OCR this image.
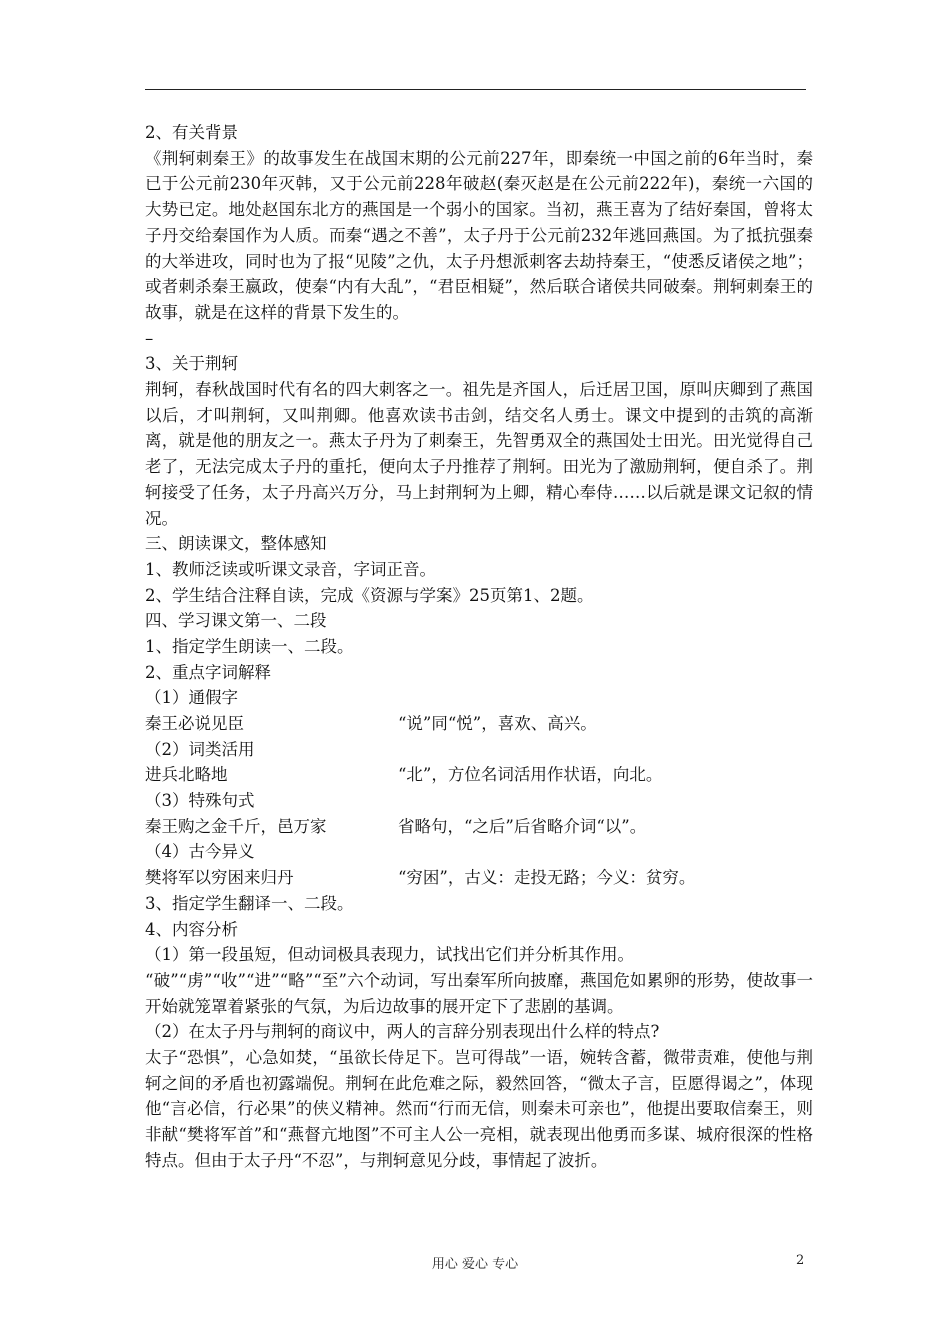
2、有关背景
《荆轲刺秦王》的故事发生在战国末期的公元前227年，即秦统一中国之前的6年当时，秦已于公元前230年灭韩，又于公元前228年破赵(秦灭赵是在公元前222年)，秦统一六国的大势已定。地处赵国东北方的燕国是一个弱小的国家。当初，燕王喜为了结好秦国，曾将太子丹交给秦国作为人质。而秦“遇之不善”，太子丹于公元前232年逃回燕国。为了抵抗强秦的大举进攻，同时也为了报“见陵”之仇，太子丹想派刺客去劫持秦王，“使悉反诸侯之地”；或者刺杀秦王嬴政，使秦“内有大乱”，“君臣相疑”，然后联合诸侯共同破秦。荆轲刺秦王的故事，就是在这样的背景下发生的。
–
3、关于荆轲
荆轲，春秋战国时代有名的四大刺客之一。祖先是齐国人，后迁居卫国，原叫庆卿到了燕国以后，才叫荆轲，又叫荆卿。他喜欢读书击剑，结交名人勇士。课文中提到的击筑的高渐离，就是他的朋友之一。燕太子丹为了刺秦王，先智勇双全的燕国处士田光。田光觉得自己老了，无法完成太子丹的重托，便向太子丹推荐了荆轲。田光为了激励荆轲，便自杀了。荆轲接受了任务，太子丹高兴万分，马上封荆轲为上卿，精心奉侍……以后就是课文记叙的情况。
三、朗读课文，整体感知
1、教师泛读或听课文录音，字词正音。
2、学生结合注释自读，完成《资源与学案》25页第1、2题。
四、学习课文第一、二段
1、指定学生朗读一、二段。
2、重点字词解释
（1）通假字
秦王必说见臣	“说”同“悦”，喜欢、高兴。
（2）词类活用
进兵北略地	“北”，方位名词活用作状语，向北。
（3）特殊句式
秦王购之金千斤，邑万家	省略句，“之后”后省略介词“以”。
（4）古今异义
樊将军以穷困来归丹	“穷困”，古义：走投无路；今义：贫穷。
3、指定学生翻译一、二段。
4、内容分析
（1）第一段虽短，但动词极具表现力，试找出它们并分析其作用。
“破”“虏”“收”“进”“略”“至”六个动词，写出秦军所向披靡，燕国危如累卵的形势，使故事一开始就笼罩着紧张的气氛，为后边故事的展开定下了悲剧的基调。
（2）在太子丹与荆轲的商议中，两人的言辞分别表现出什么样的特点?
太子“恐惧”，心急如焚，“虽欲长侍足下。岂可得哉”一语，婉转含蓄，微带责难，使他与荆轲之间的矛盾也初露端倪。荆轲在此危难之际，毅然回答，“微太子言，臣愿得谒之”，体现他“言必信，行必果”的侠义精神。然而“行而无信，则秦未可亲也”，他提出要取信秦王，则非献“樊将军首”和“燕督亢地图”不可主人公一亮相，就表现出他勇而多谋、城府很深的性格特点。但由于太子丹“不忍”，与荆轲意见分歧，事情起了波折。
用心 爱心 专心	2
